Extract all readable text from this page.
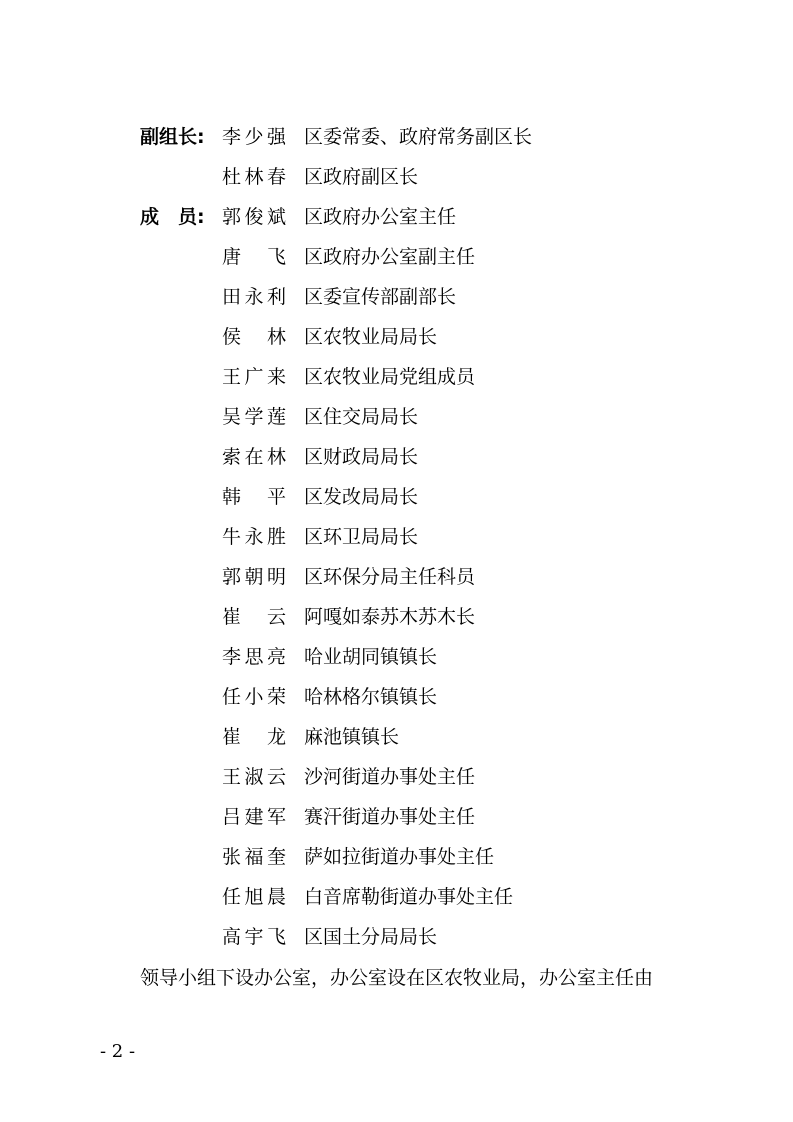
副组长: 李少强 区委常委、政府常务副区长
杜林春 区政府副区长
成　员: 郭俊斌 区政府办公室主任
唐　飞 区政府办公室副主任
田永利 区委宣传部副部长
侯　林 区农牧业局局长
王广来 区农牧业局党组成员
吴学莲 区住交局局长
索在林 区财政局局长
韩　平 区发改局局长
牛永胜 区环卫局局长
郭朝明 区环保分局主任科员
崔　云 阿嘎如泰苏木苏木长
李思亮 哈业胡同镇镇长
任小荣 哈林格尔镇镇长
崔　龙 麻池镇镇长
王淑云 沙河街道办事处主任
吕建军 赛汗街道办事处主任
张福奎 萨如拉街道办事处主任
任旭晨 白音席勒街道办事处主任
高宇飞 区国土分局局长
领导小组下设办公室，办公室设在区农牧业局，办公室主任由
- 2 -
